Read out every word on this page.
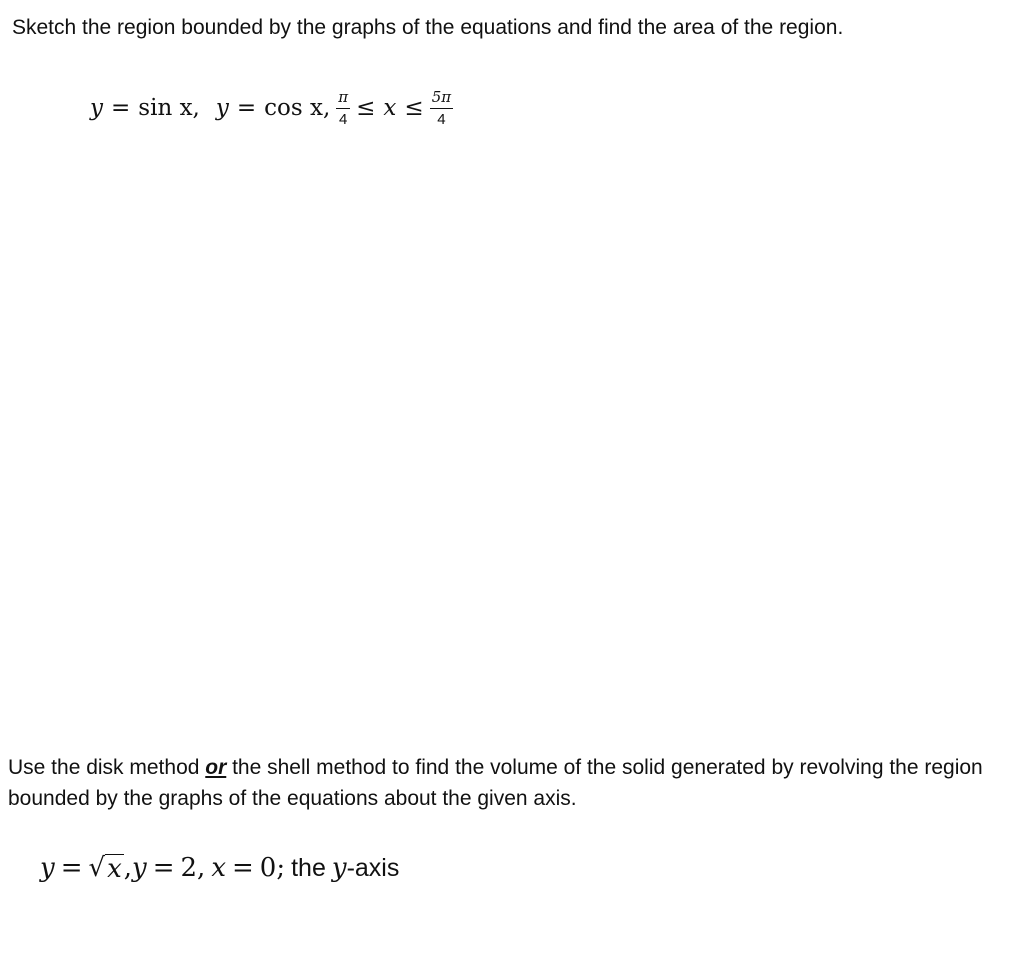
Sketch the region bounded by the graphs of the equations and find the area of the region.
y = sin x , y = cos x , $\frac{\pi}{4} \le x \le \frac{5\pi}{4}$
Use the disk method or the shell method to find the volume of the solid generated by revolving the region bounded by the graphs of the equations about the given axis.
y = √ x , y = 2, x = 0; the y -axis
